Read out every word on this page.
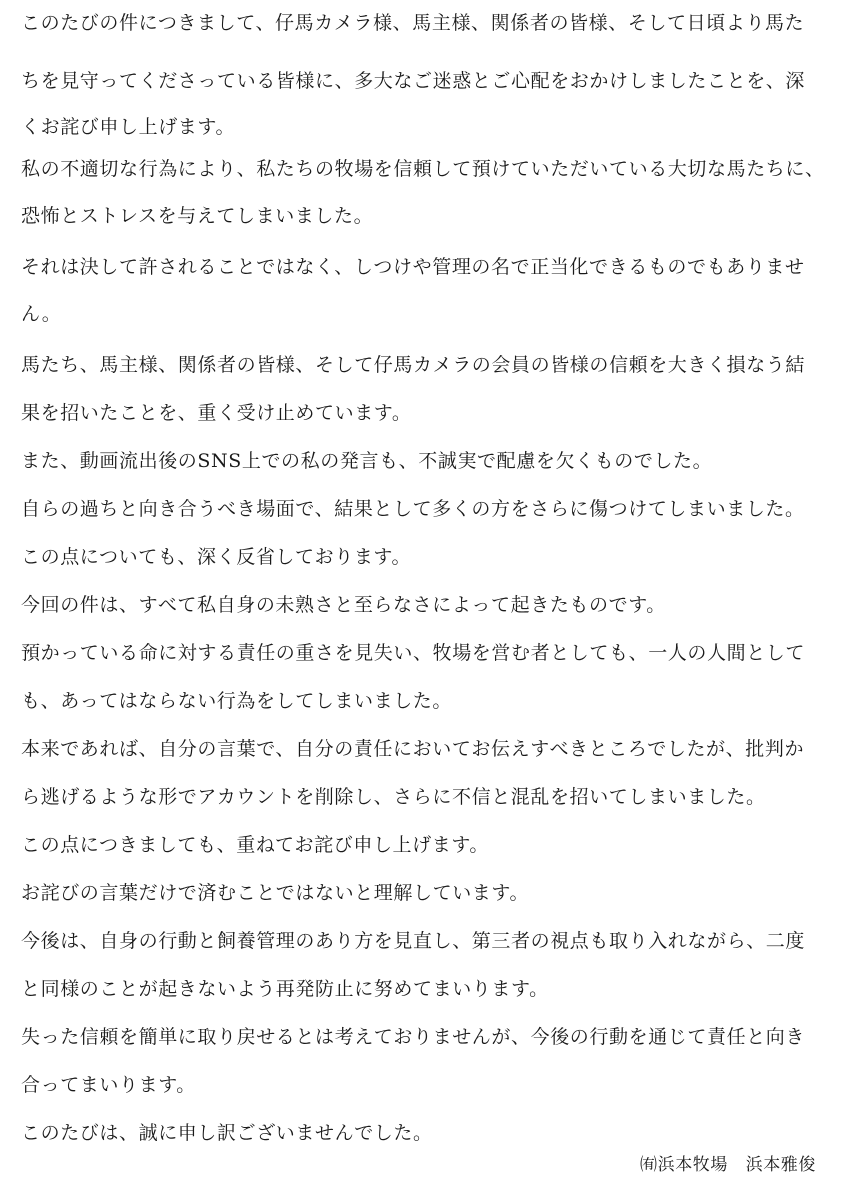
このたびの件につきまして、仔馬カメラ様、馬主様、関係者の皆様、そして日頃より馬た
ちを見守ってくださっている皆様に、多大なご迷惑とご心配をおかけしましたことを、深
くお詫び申し上げます。
私の不適切な行為により、私たちの牧場を信頼して預けていただいている大切な馬たちに、
恐怖とストレスを与えてしまいました。
それは決して許されることではなく、しつけや管理の名で正当化できるものでもありませ
ん。
馬たち、馬主様、関係者の皆様、そして仔馬カメラの会員の皆様の信頼を大きく損なう結
果を招いたことを、重く受け止めています。
また、動画流出後のSNS上での私の発言も、不誠実で配慮を欠くものでした。
自らの過ちと向き合うべき場面で、結果として多くの方をさらに傷つけてしまいました。
この点についても、深く反省しております。
今回の件は、すべて私自身の未熟さと至らなさによって起きたものです。
預かっている命に対する責任の重さを見失い、牧場を営む者としても、一人の人間として
も、あってはならない行為をしてしまいました。
本来であれば、自分の言葉で、自分の責任においてお伝えすべきところでしたが、批判か
ら逃げるような形でアカウントを削除し、さらに不信と混乱を招いてしまいました。
この点につきましても、重ねてお詫び申し上げます。
お詫びの言葉だけで済むことではないと理解しています。
今後は、自身の行動と飼養管理のあり方を見直し、第三者の視点も取り入れながら、二度
と同様のことが起きないよう再発防止に努めてまいります。
失った信頼を簡単に取り戻せるとは考えておりませんが、今後の行動を通じて責任と向き
合ってまいります。
このたびは、誠に申し訳ございませんでした。
㈲浜本牧場　浜本雅俊
